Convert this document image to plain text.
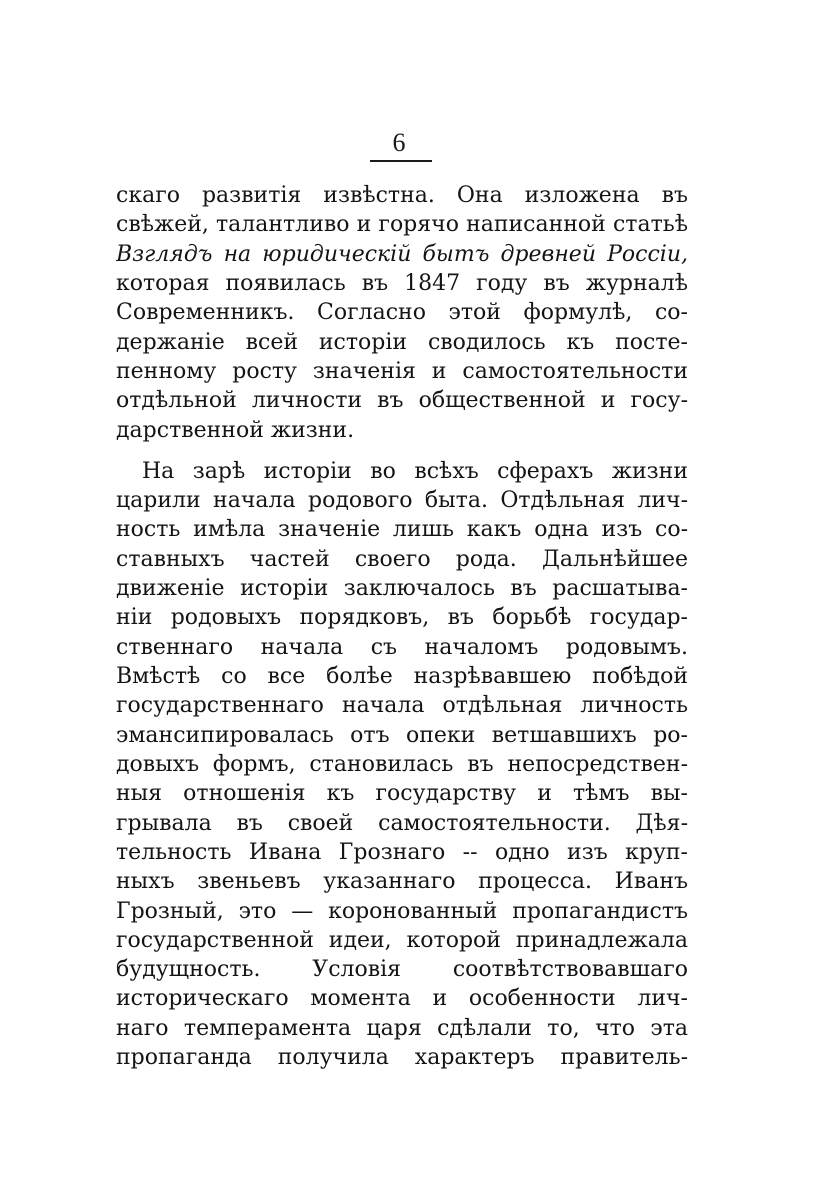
6
скаго развитія извѣстна. Она изложена въ
свѣжей, талантливо и горячо написанной статьѣ
Взглядъ на юридическій бытъ древней Россіи,
которая появилась въ 1847 году въ журналѣ
Современникъ. Согласно этой формулѣ, со-
держаніе всей исторіи сводилось къ посте-
пенному росту значенія и самостоятельности
отдѣльной личности въ общественной и госу-
дарственной жизни.
На зарѣ исторіи во всѣхъ сферахъ жизни
царили начала родового быта. Отдѣльная лич-
ность имѣла значеніе лишь какъ одна изъ со-
ставныхъ частей своего рода. Дальнѣйшее
движеніе исторіи заключалось въ расшатыва-
ніи родовыхъ порядковъ, въ борьбѣ государ-
ственнаго начала съ началомъ родовымъ.
Вмѣстѣ со все болѣе назрѣвавшею побѣдой
государственнаго начала отдѣльная личность
эмансипировалась отъ опеки ветшавшихъ ро-
довыхъ формъ, становилась въ непосредствен-
ныя отношенія къ государству и тѣмъ вы-
грывала въ своей самостоятельности. Дѣя-
тельность Ивана Грознаго -- одно изъ круп-
ныхъ звеньевъ указаннаго процесса. Иванъ
Грозный, это — коронованный пропагандистъ
государственной идеи, которой принадлежала
будущность. Условія соотвѣтствовавшаго
историческаго момента и особенности лич-
наго темперамента царя сдѣлали то, что эта
пропаганда получила характеръ правитель-
